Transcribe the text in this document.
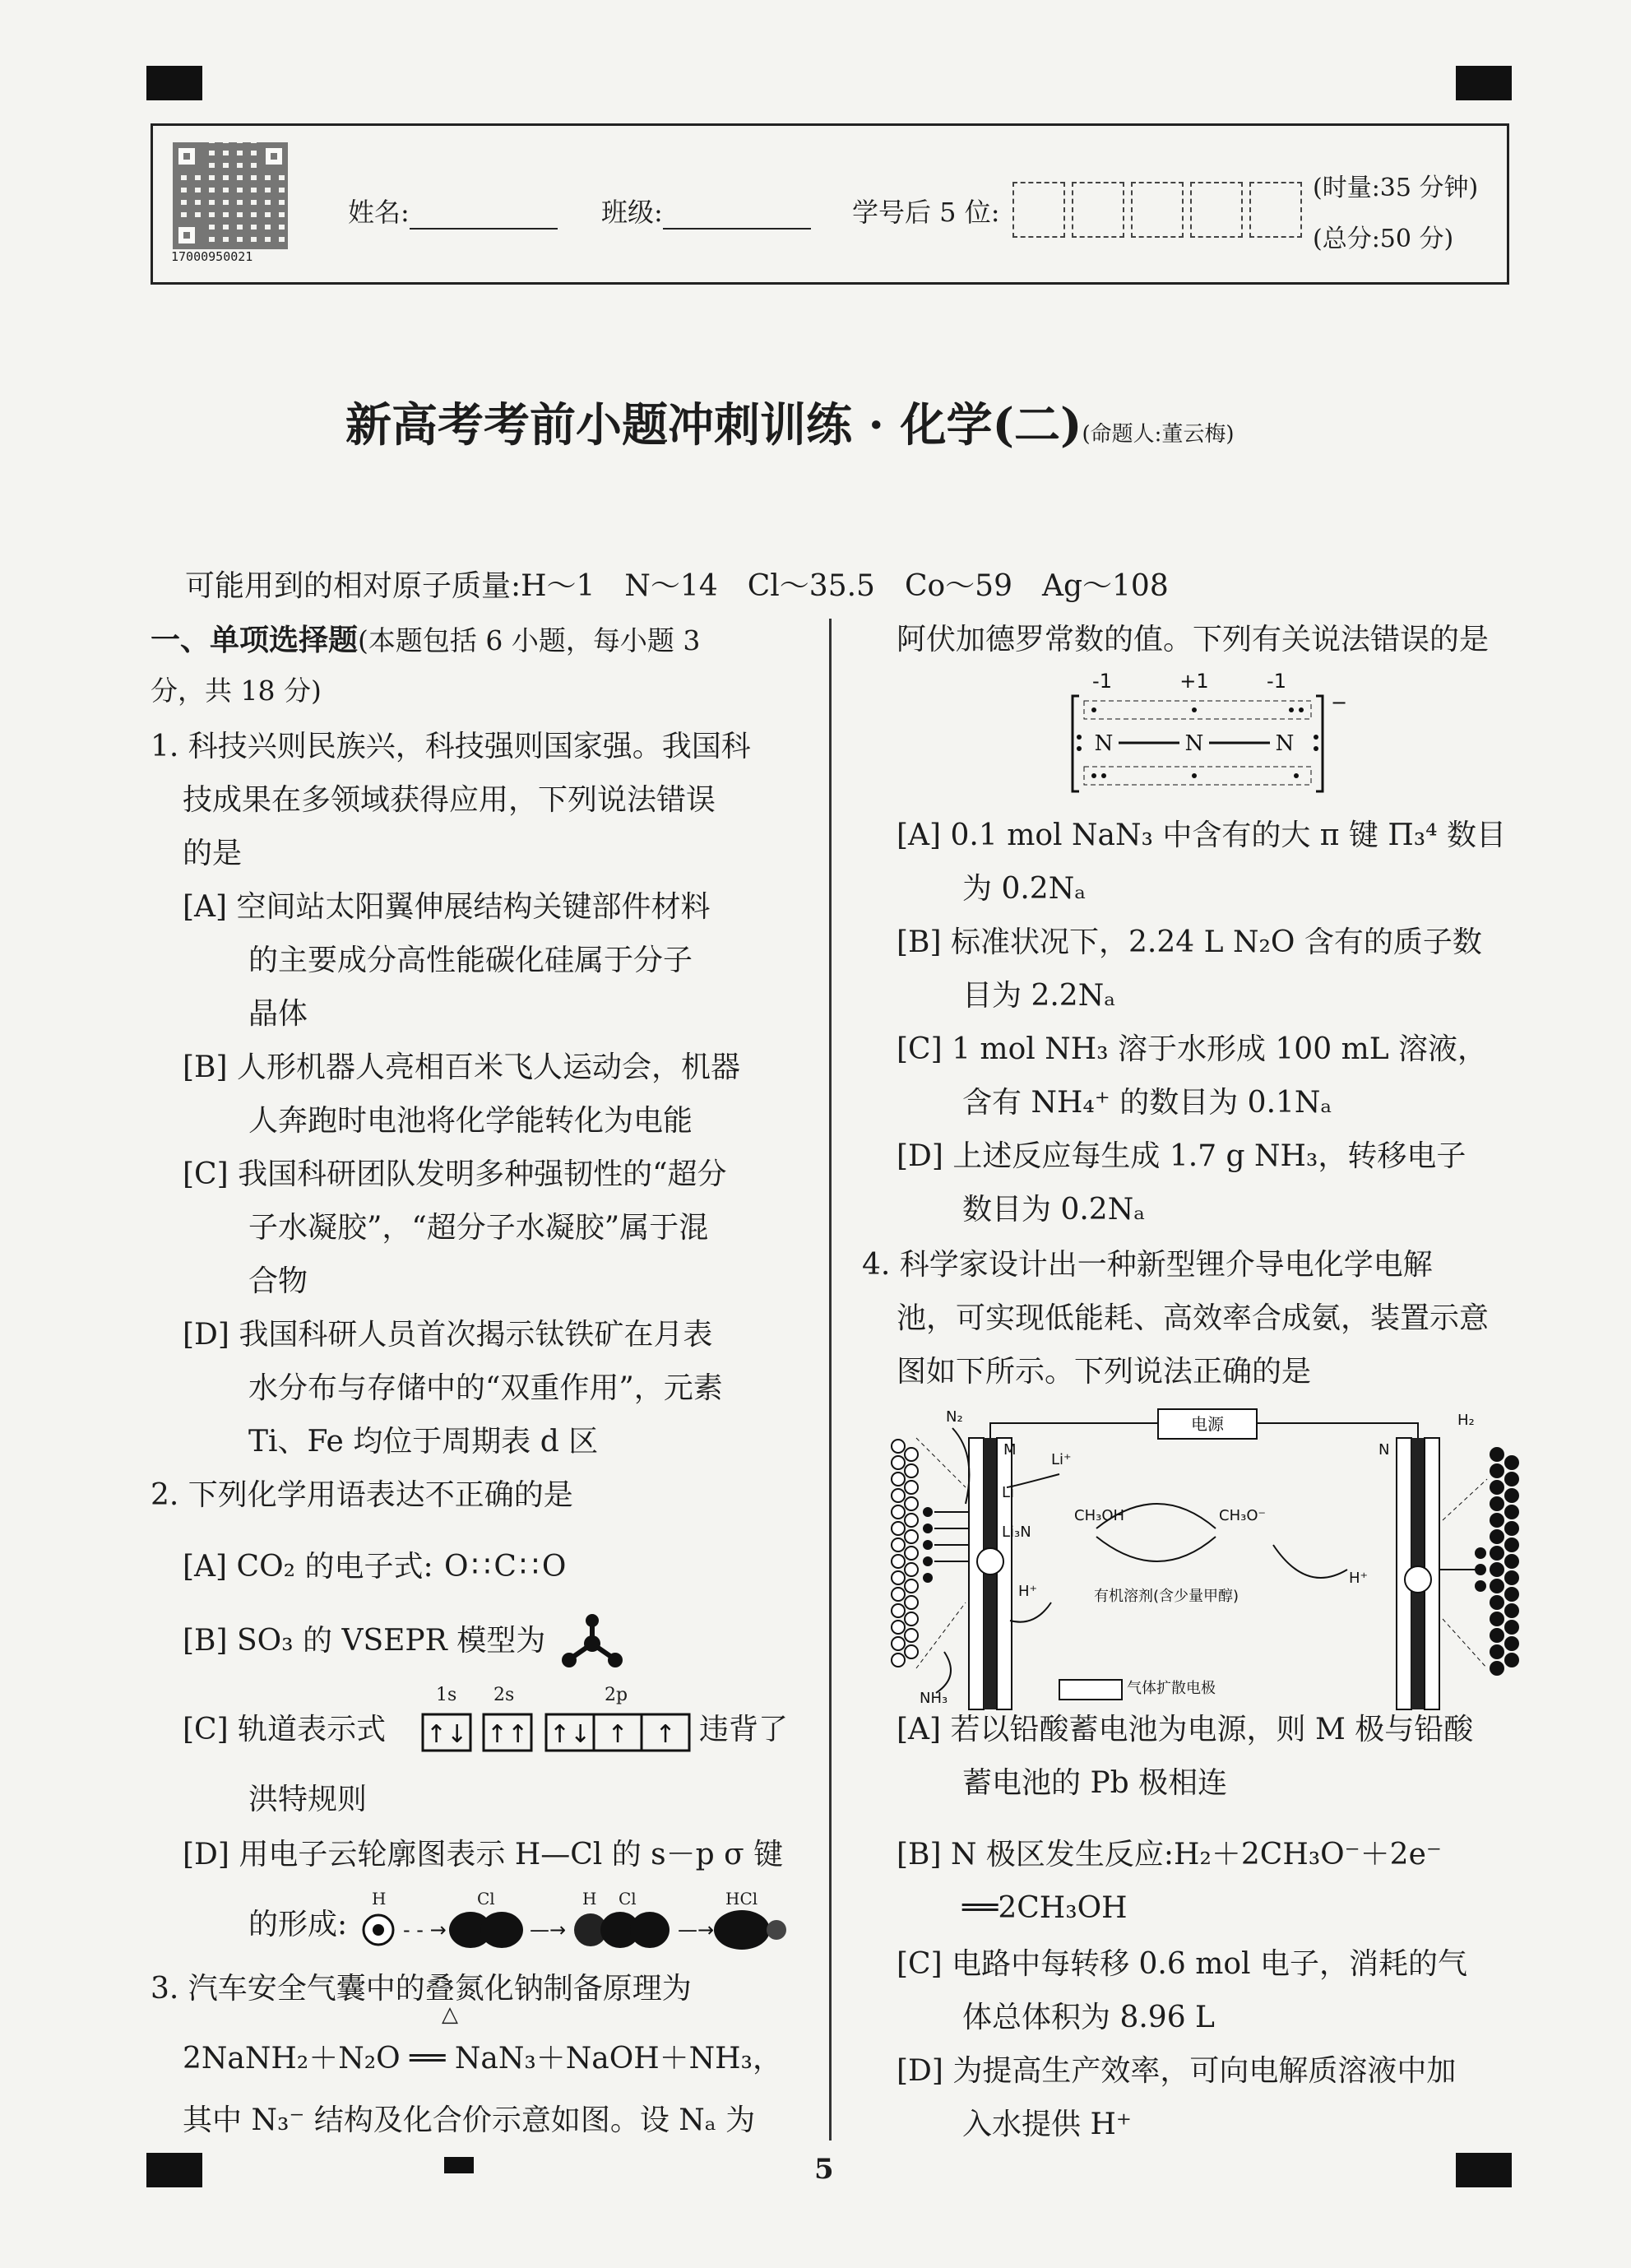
17000950021
姓名:	班级:	学号后 5 位:
(时量:35 分钟)
(总分:50 分)
新高考考前小题冲刺训练 · 化学(二)(命题人:董云梅)
可能用到的相对原子质量:H～1　N～14　Cl～35.5　Co～59　Ag～108
一、单项选择题(本题包括 6 小题，每小题 3
分，共 18 分)
1. 科技兴则民族兴，科技强则国家强。我国科
技成果在多领域获得应用，下列说法错误
的是
[A] 空间站太阳翼伸展结构关键部件材料
的主要成分高性能碳化硅属于分子
晶体
[B] 人形机器人亮相百米飞人运动会，机器
人奔跑时电池将化学能转化为电能
[C] 我国科研团队发明多种强韧性的“超分
子水凝胶”，“超分子水凝胶”属于混
合物
[D] 我国科研人员首次揭示钛铁矿在月表
水分布与存储中的“双重作用”，元素
Ti、Fe 均位于周期表 d 区
2. 下列化学用语表达不正确的是
[A] CO₂ 的电子式: O∷C∷O
[B] SO₃ 的 VSEPR 模型为
[C] 轨道表示式
1s 2s	2p
↑↓ ↑↑ ↑↓ ↑ ↑ 违背了
洪特规则
[D] 用电子云轮廓图表示 H—Cl 的 s－p σ 键
的形成:
H	Cl	H Cl	HCl
- - →	—→	—→
3. 汽车安全气囊中的叠氮化钠制备原理为
△
2NaNH₂＋N₂O ══ NaN₃＋NaOH＋NH₃，
其中 N₃⁻ 结构及化合价示意如图。设 Nₐ 为
阿伏加德罗常数的值。下列有关说法错误的是
-1	+1	-1
−
N	N	N
[A] 0.1 mol NaN₃ 中含有的大 π 键 Π₃⁴ 数目
为 0.2Nₐ
[B] 标准状况下，2.24 L N₂O 含有的质子数
目为 2.2Nₐ
[C] 1 mol NH₃ 溶于水形成 100 mL 溶液，
含有 NH₄⁺ 的数目为 0.1Nₐ
[D] 上述反应每生成 1.7 g NH₃，转移电子
数目为 0.2Nₐ
4. 科学家设计出一种新型锂介导电化学电解
池，可实现低能耗、高效率合成氨，装置示意
图如下所示。下列说法正确的是
电源
N₂
M	N
H₂
Li⁺
Li
Li₃N
CH₃OH	CH₃O⁻
H⁺
H⁺
有机溶剂(含少量甲醇)
NH₃
气体扩散电极
[A] 若以铅酸蓄电池为电源，则 M 极与铅酸
蓄电池的 Pb 极相连
[B] N 极区发生反应:H₂＋2CH₃O⁻＋2e⁻
══2CH₃OH
[C] 电路中每转移 0.6 mol 电子，消耗的气
体总体积为 8.96 L
[D] 为提高生产效率，可向电解质溶液中加
入水提供 H⁺
5
